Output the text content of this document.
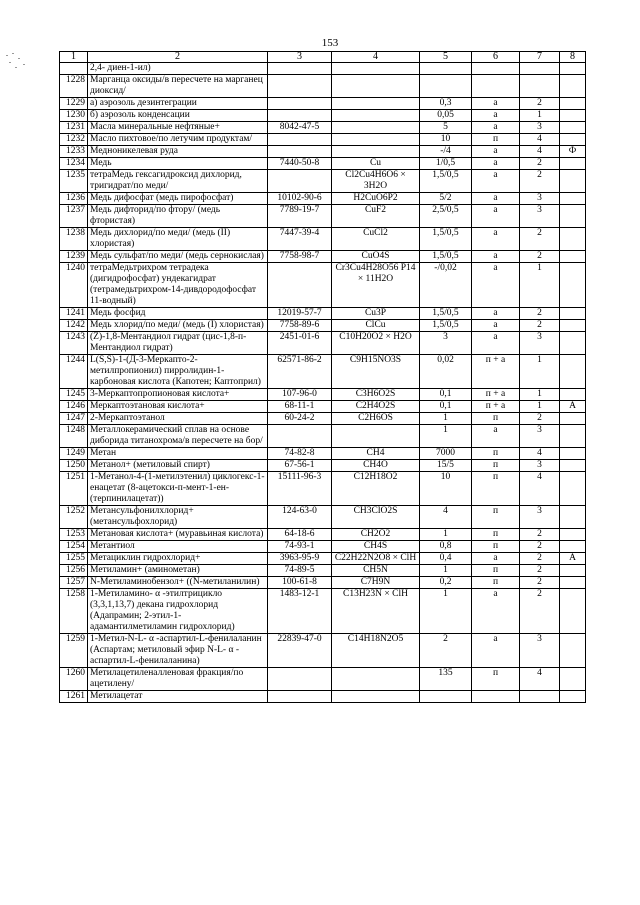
153
1	2	3	4	5	6	7	8
	2,4- диен-1-ил)						
1228	Марганца оксиды/в пересчете на марганец диоксид/						
1229	а) аэрозоль дезинтеграции			0,3	а	2	
1230	б) аэрозоль конденсации			0,05	а	1	
1231	Масла минеральные нефтяные+	8042-47-5		5	а	3	
1232	Масло пихтовое/по летучим продуктам/			10	п	4	
1233	Медноникелевая руда			-/4	а	4	Ф
1234	Медь	7440-50-8	Cu	1/0,5	а	2	
1235	тетраМедь гексагидроксид дихлорид, тригидрат/по меди/		Cl2Cu4H6O6 × 3H2O	1,5/0,5	а	2	
1236	Медь дифосфат (медь пирофосфат)	10102-90-6	H2CuO6P2	5/2	а	3	
1237	Медь дифторид/по фтору/ (медь фтористая)	7789-19-7	CuF2	2,5/0,5	а	3	
1238	Медь дихлорид/по меди/ (медь (II) хлористая)	7447-39-4	CuCl2	1,5/0,5	а	2	
1239	Медь сульфат/по меди/ (медь сернокислая)	7758-98-7	CuO4S	1,5/0,5	а	2	
1240	тетраМедьтрихром тетрадека (дигидрофосфат) ундекагидрат (тетрамедьтрихром-14-дивдородофосфат 11-водный)		Cr3Cu4H28O56 P14 × 11H2O	-/0,02	а	1	
1241	Медь фосфид	12019-57-7	Cu3P	1,5/0,5	а	2	
1242	Медь хлорид/по меди/ (медь (I) хлористая)	7758-89-6	ClCu	1,5/0,5	а	2	
1243	(Z)-1,8-Ментандиол гидрат (цис-1,8-п-Ментандиол гидрат)	2451-01-6	C10H20O2 × H2O	3	а	3	
1244	L(S,S)-1-(Д-3-Меркапто-2-метилпропионил) пирролидин-1-карбоновая кислота (Капотен; Каптоприл)	62571-86-2	C9H15NO3S	0,02	п + а	1	
1245	3-Меркаптопропионовая кислота+	107-96-0	C3H6O2S	0,1	п + а	1	
1246	Меркаптоэтановая кислота+	68-11-1	C2H4O2S	0,1	п + а	1	А
1247	2-Меркаптоэтанол	60-24-2	C2H6OS	1	п	2	
1248	Металлокерамический сплав на основе диборида титанохрома/в пересчете на бор/			1	а	3	
1249	Метан	74-82-8	CH4	7000	п	4	
1250	Метанол+ (метиловый спирт)	67-56-1	CH4O	15/5	п	3	
1251	1-Метанол-4-(1-метилэтенил) циклогекс-1-енацетат (8-ацетокси-п-мент-1-ен-(терпинилацетат))	15111-96-3	C12H18O2	10	п	4	
1252	Метансульфонилхлорид+ (метансульфохлорид)	124-63-0	CH3ClO2S	4	п	3	
1253	Метановая кислота+ (муравьиная кислота)	64-18-6	CH2O2	1	п	2	
1254	Метантиол	74-93-1	CH4S	0,8	п	2	
1255	Метациклин гидрохлорид+	3963-95-9	C22H22N2O8 × ClH	0,4	а	2	А
1256	Метиламин+ (аминометан)	74-89-5	CH5N	1	п	2	
1257	N-Метиламинобензол+ ((N-метиланилин)	100-61-8	C7H9N	0,2	п	2	
1258	1-Метиламино- α -этилтрицикло (3,3,1,13,7) декана гидрохлорид (Адапрамин; 2-этил-1-адамантилметиламин гидрохлорид)	1483-12-1	C13H23N × ClH	1	а	2	
1259	1-Метил-N-L- α -аспартил-L-фенилаланин (Аспартам; метиловый эфир N-L- α - аспартил-L-фенилаланина)	22839-47-0	C14H18N2O5	2	а	3	
1260	Метилацетиленалленовая фракция/по ацетилену/			135	п	4	
1261	Метилацетат						
